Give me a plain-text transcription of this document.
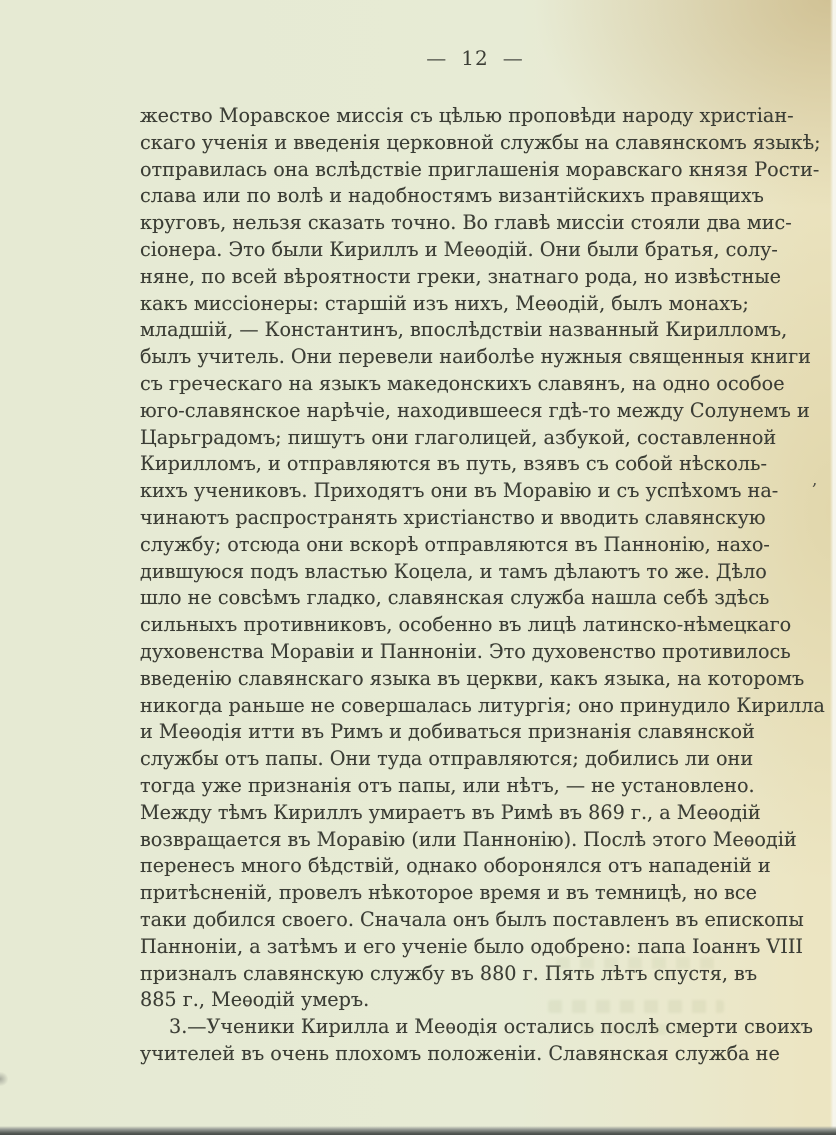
— 12 —
жество Моравское миссія съ цѣлью проповѣди народу христіан-
скаго ученія и введенія церковной службы на славянскомъ языкѣ;
отправилась она вслѣдствіе приглашенія моравскаго князя Рости-
слава или по волѣ и надобностямъ византійскихъ правящихъ
круговъ, нельзя сказать точно. Во главѣ миссіи стояли два мис-
сіонера. Это были Кириллъ и Меѳодій. Они были братья, солу-
няне, по всей вѣроятности греки, знатнаго рода, но извѣстные
какъ миссіонеры: старшій изъ нихъ, Меѳодій, былъ монахъ;
младшій, — Константинъ, впослѣдствіи названный Кирилломъ,
былъ учитель. Они перевели наиболѣе нужныя священныя книги
съ греческаго на языкъ македонскихъ славянъ, на одно особое
юго-славянское нарѣчіе, находившееся гдѣ-то между Солунемъ и
Царьградомъ; пишутъ они глаголицей, азбукой, составленной
Кирилломъ, и отправляются въ путь, взявъ съ собой нѣсколь-
кихъ учениковъ. Приходятъ они въ Моравію и съ успѣхомъ на-
чинаютъ распространять христіанство и вводить славянскую
службу; отсюда они вскорѣ отправляются въ Паннонію, нахо-
дившуюся подъ властью Коцела, и тамъ дѣлаютъ то же. Дѣло
шло не совсѣмъ гладко, славянская служба нашла себѣ здѣсь
сильныхъ противниковъ, особенно въ лицѣ латинско-нѣмецкаго
духовенства Моравіи и Панноніи. Это духовенство противилось
введенію славянскаго языка въ церкви, какъ языка, на которомъ
никогда раньше не совершалась литургія; оно принудило Кирилла
и Меѳодія итти въ Римъ и добиваться признанія славянской
службы отъ папы. Они туда отправляются; добились ли они
тогда уже признанія отъ папы, или нѣтъ, — не установлено.
Между тѣмъ Кириллъ умираетъ въ Римѣ въ 869 г., а Меѳодій
возвращается въ Моравію (или Паннонію). Послѣ этого Меѳодій
перенесъ много бѣдствій, однако оборонялся отъ нападеній и
притѣсненій, провелъ нѣкоторое время и въ темницѣ, но все
таки добился своего. Сначала онъ былъ поставленъ въ епископы
Панноніи, а затѣмъ и его ученіе было одобрено: папа Іоаннъ VIII
призналъ славянскую службу въ 880 г. Пять лѣтъ спустя, въ
885 г., Меѳодій умеръ.
3.—Ученики Кирилла и Меѳодія остались послѣ смерти своихъ
учителей въ очень плохомъ положеніи. Славянская служба не
,
